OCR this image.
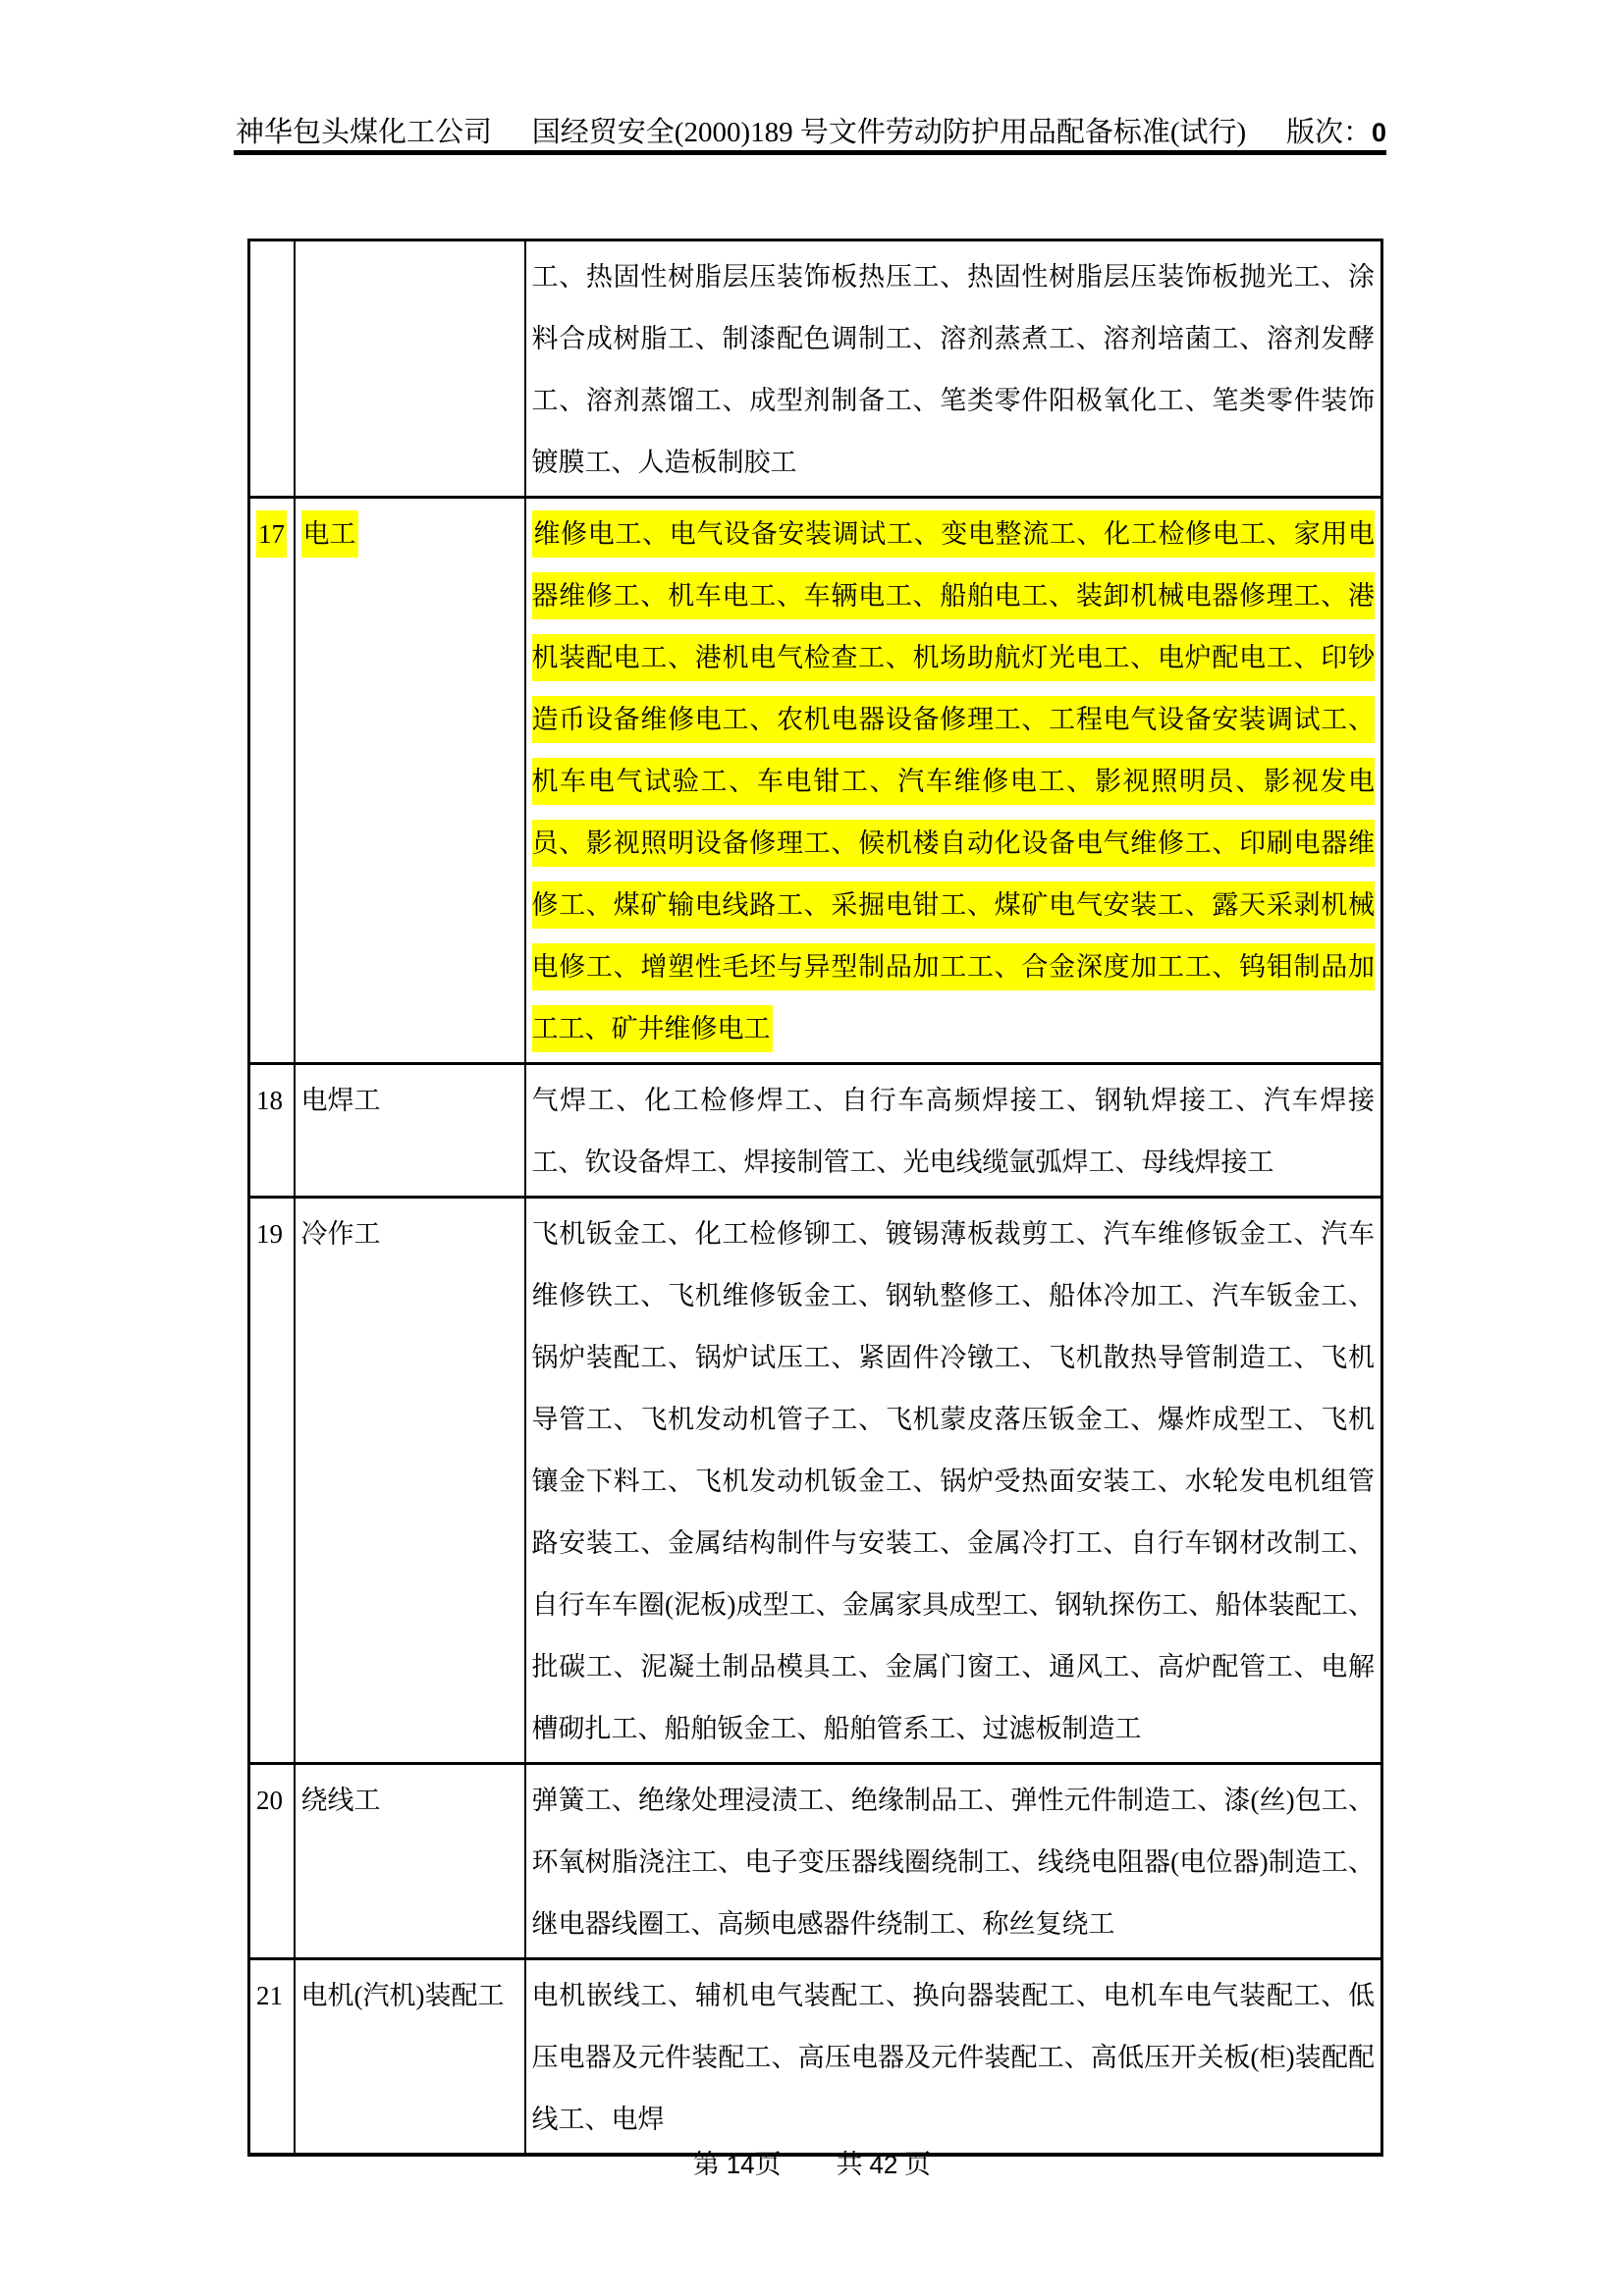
神华包头煤化工公司 国经贸安全(2000)189 号文件劳动防护用品配备标准(试行) 版次：0
		工、热固性树脂层压装饰板热压工、热固性树脂层压装饰板抛光工、涂料合成树脂工、制漆配色调制工、溶剂蒸煮工、溶剂培菌工、溶剂发酵工、溶剂蒸馏工、成型剂制备工、笔类零件阳极氧化工、笔类零件装饰镀膜工、人造板制胶工
17	电工	维修电工、电气设备安装调试工、变电整流工、化工检修电工、家用电器维修工、机车电工、车辆电工、船舶电工、装卸机械电器修理工、港机装配电工、港机电气检查工、机场助航灯光电工、电炉配电工、印钞造币设备维修电工、农机电器设备修理工、工程电气设备安装调试工、机车电气试验工、车电钳工、汽车维修电工、影视照明员、影视发电员、影视照明设备修理工、候机楼自动化设备电气维修工、印刷电器维修工、煤矿输电线路工、采掘电钳工、煤矿电气安装工、露天采剥机械电修工、增塑性毛坯与异型制品加工工、合金深度加工工、钨钼制品加工工、矿井维修电工
18	电焊工	气焊工、化工检修焊工、自行车高频焊接工、钢轨焊接工、汽车焊接工、钦设备焊工、焊接制管工、光电线缆氩弧焊工、母线焊接工
19	冷作工	飞机钣金工、化工检修铆工、镀锡薄板裁剪工、汽车维修钣金工、汽车维修铁工、飞机维修钣金工、钢轨整修工、船体冷加工、汽车钣金工、锅炉装配工、锅炉试压工、紧固件冷镦工、飞机散热导管制造工、飞机导管工、飞机发动机管子工、飞机蒙皮落压钣金工、爆炸成型工、飞机镶金下料工、飞机发动机钣金工、锅炉受热面安装工、水轮发电机组管路安装工、金属结构制件与安装工、金属冷打工、自行车钢材改制工、自行车车圈(泥板)成型工、金属家具成型工、钢轨探伤工、船体装配工、批碳工、泥凝土制品模具工、金属门窗工、通风工、高炉配管工、电解槽砌扎工、船舶钣金工、船舶管系工、过滤板制造工
20	绕线工	弹簧工、绝缘处理浸渍工、绝缘制品工、弹性元件制造工、漆(丝)包工、环氧树脂浇注工、电子变压器线圈绕制工、线绕电阻器(电位器)制造工、继电器线圈工、高频电感器件绕制工、称丝复绕工
21	电机(汽机)装配工	电机嵌线工、辅机电气装配工、换向器装配工、电机车电气装配工、低压电器及元件装配工、高压电器及元件装配工、高低压开关板(柜)装配配线工、电焊
第 14页 共 42 页
